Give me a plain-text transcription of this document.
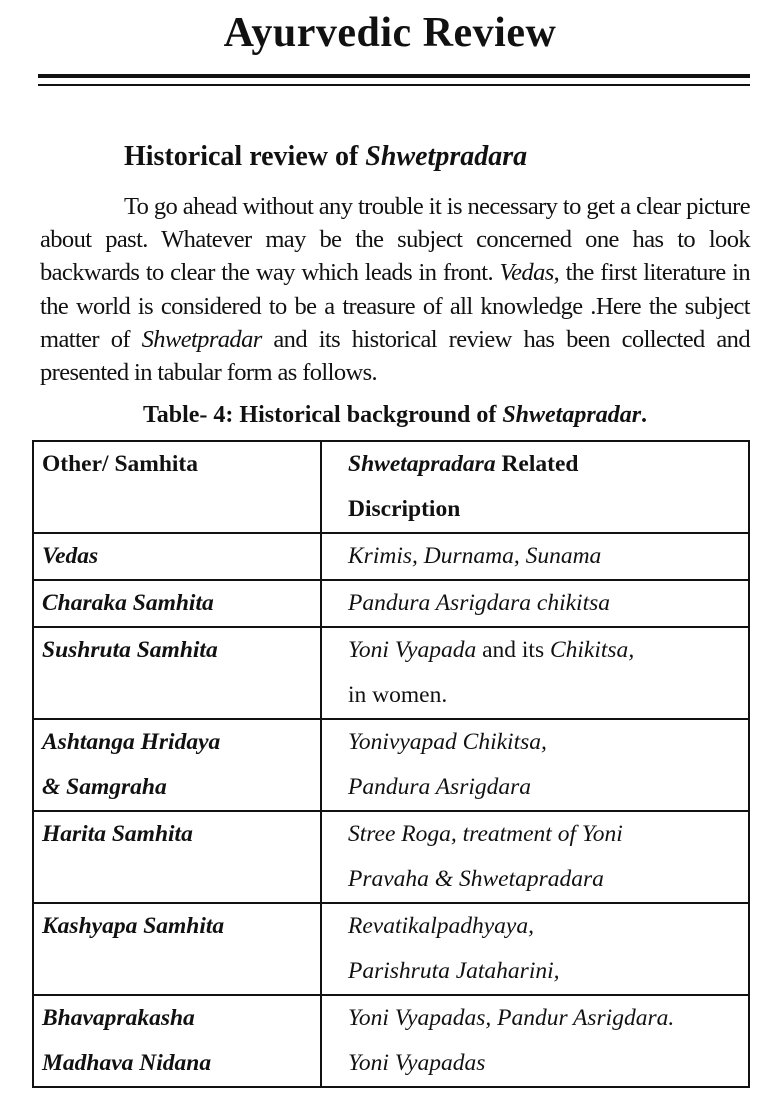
Ayurvedic Review
Historical review of Shwetpradara

To go ahead without any trouble it is necessary to get a clear picture about past. Whatever may be the subject concerned one has to look backwards to clear the way which leads in front. Vedas, the first literature in the world is considered to be a treasure of all knowledge .Here the subject matter of Shwetpradar and its historical review has been collected and presented in tabular form as follows.

Table- 4: Historical background of Shwetapradar.
Other/ Samhita	Shwetapradara Related
Discription

Vedas	Krimis, Durnama, Sunama

Charaka Samhita	Pandura Asrigdara chikitsa

Sushruta Samhita	Yoni Vyapada and its Chikitsa,
in women.

Ashtanga Hridaya
& Samgraha	Yonivyapad Chikitsa,
Pandura Asrigdara

Harita Samhita	Stree Roga, treatment of Yoni
Pravaha & Shwetapradara

Kashyapa Samhita	Revatikalpadhyaya,
Parishruta Jataharini,

Bhavaprakasha
Madhava Nidana	Yoni Vyapadas, Pandur Asrigdara.
Yoni Vyapadas
